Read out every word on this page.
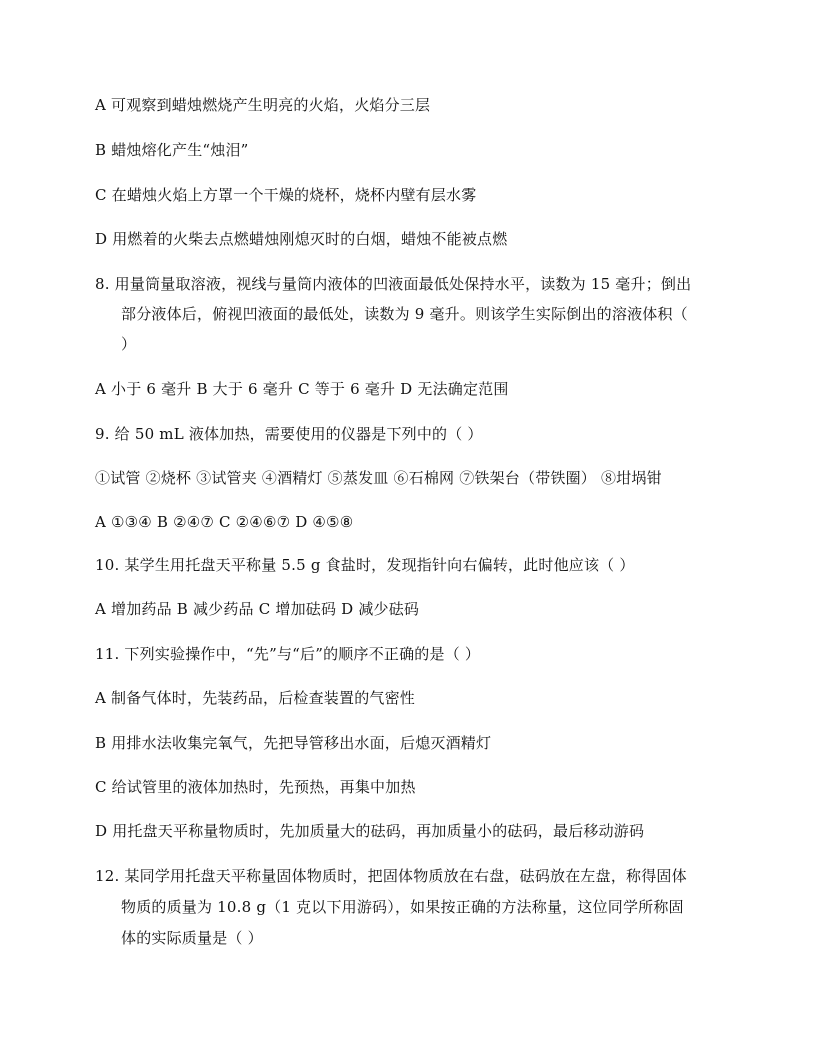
A 可观察到蜡烛燃烧产生明亮的火焰，火焰分三层
B 蜡烛熔化产生“烛泪”
C 在蜡烛火焰上方罩一个干燥的烧杯，烧杯内壁有层水雾
D 用燃着的火柴去点燃蜡烛刚熄灭时的白烟，蜡烛不能被点燃
8. 用量筒量取溶液，视线与量筒内液体的凹液面最低处保持水平，读数为 15 毫升；倒出
部分液体后，俯视凹液面的最低处，读数为 9 毫升。则该学生实际倒出的溶液体积（
）
A 小于 6 毫升 B 大于 6 毫升 C 等于 6 毫升 D 无法确定范围
9. 给 50 mL 液体加热，需要使用的仪器是下列中的（ ）
①试管 ②烧杯 ③试管夹 ④酒精灯 ⑤蒸发皿 ⑥石棉网 ⑦铁架台（带铁圈） ⑧坩埚钳
A ①③④ B ②④⑦ C ②④⑥⑦ D ④⑤⑧
10. 某学生用托盘天平称量 5.5 g 食盐时，发现指针向右偏转，此时他应该（ ）
A 增加药品 B 减少药品 C 增加砝码 D 减少砝码
11. 下列实验操作中，“先”与“后”的顺序不正确的是（ ）
A 制备气体时，先装药品，后检查装置的气密性
B 用排水法收集完氧气，先把导管移出水面，后熄灭酒精灯
C 给试管里的液体加热时，先预热，再集中加热
D 用托盘天平称量物质时，先加质量大的砝码，再加质量小的砝码，最后移动游码
12. 某同学用托盘天平称量固体物质时，把固体物质放在右盘，砝码放在左盘，称得固体
物质的质量为 10.8 g（1 克以下用游码），如果按正确的方法称量，这位同学所称固
体的实际质量是（ ）
